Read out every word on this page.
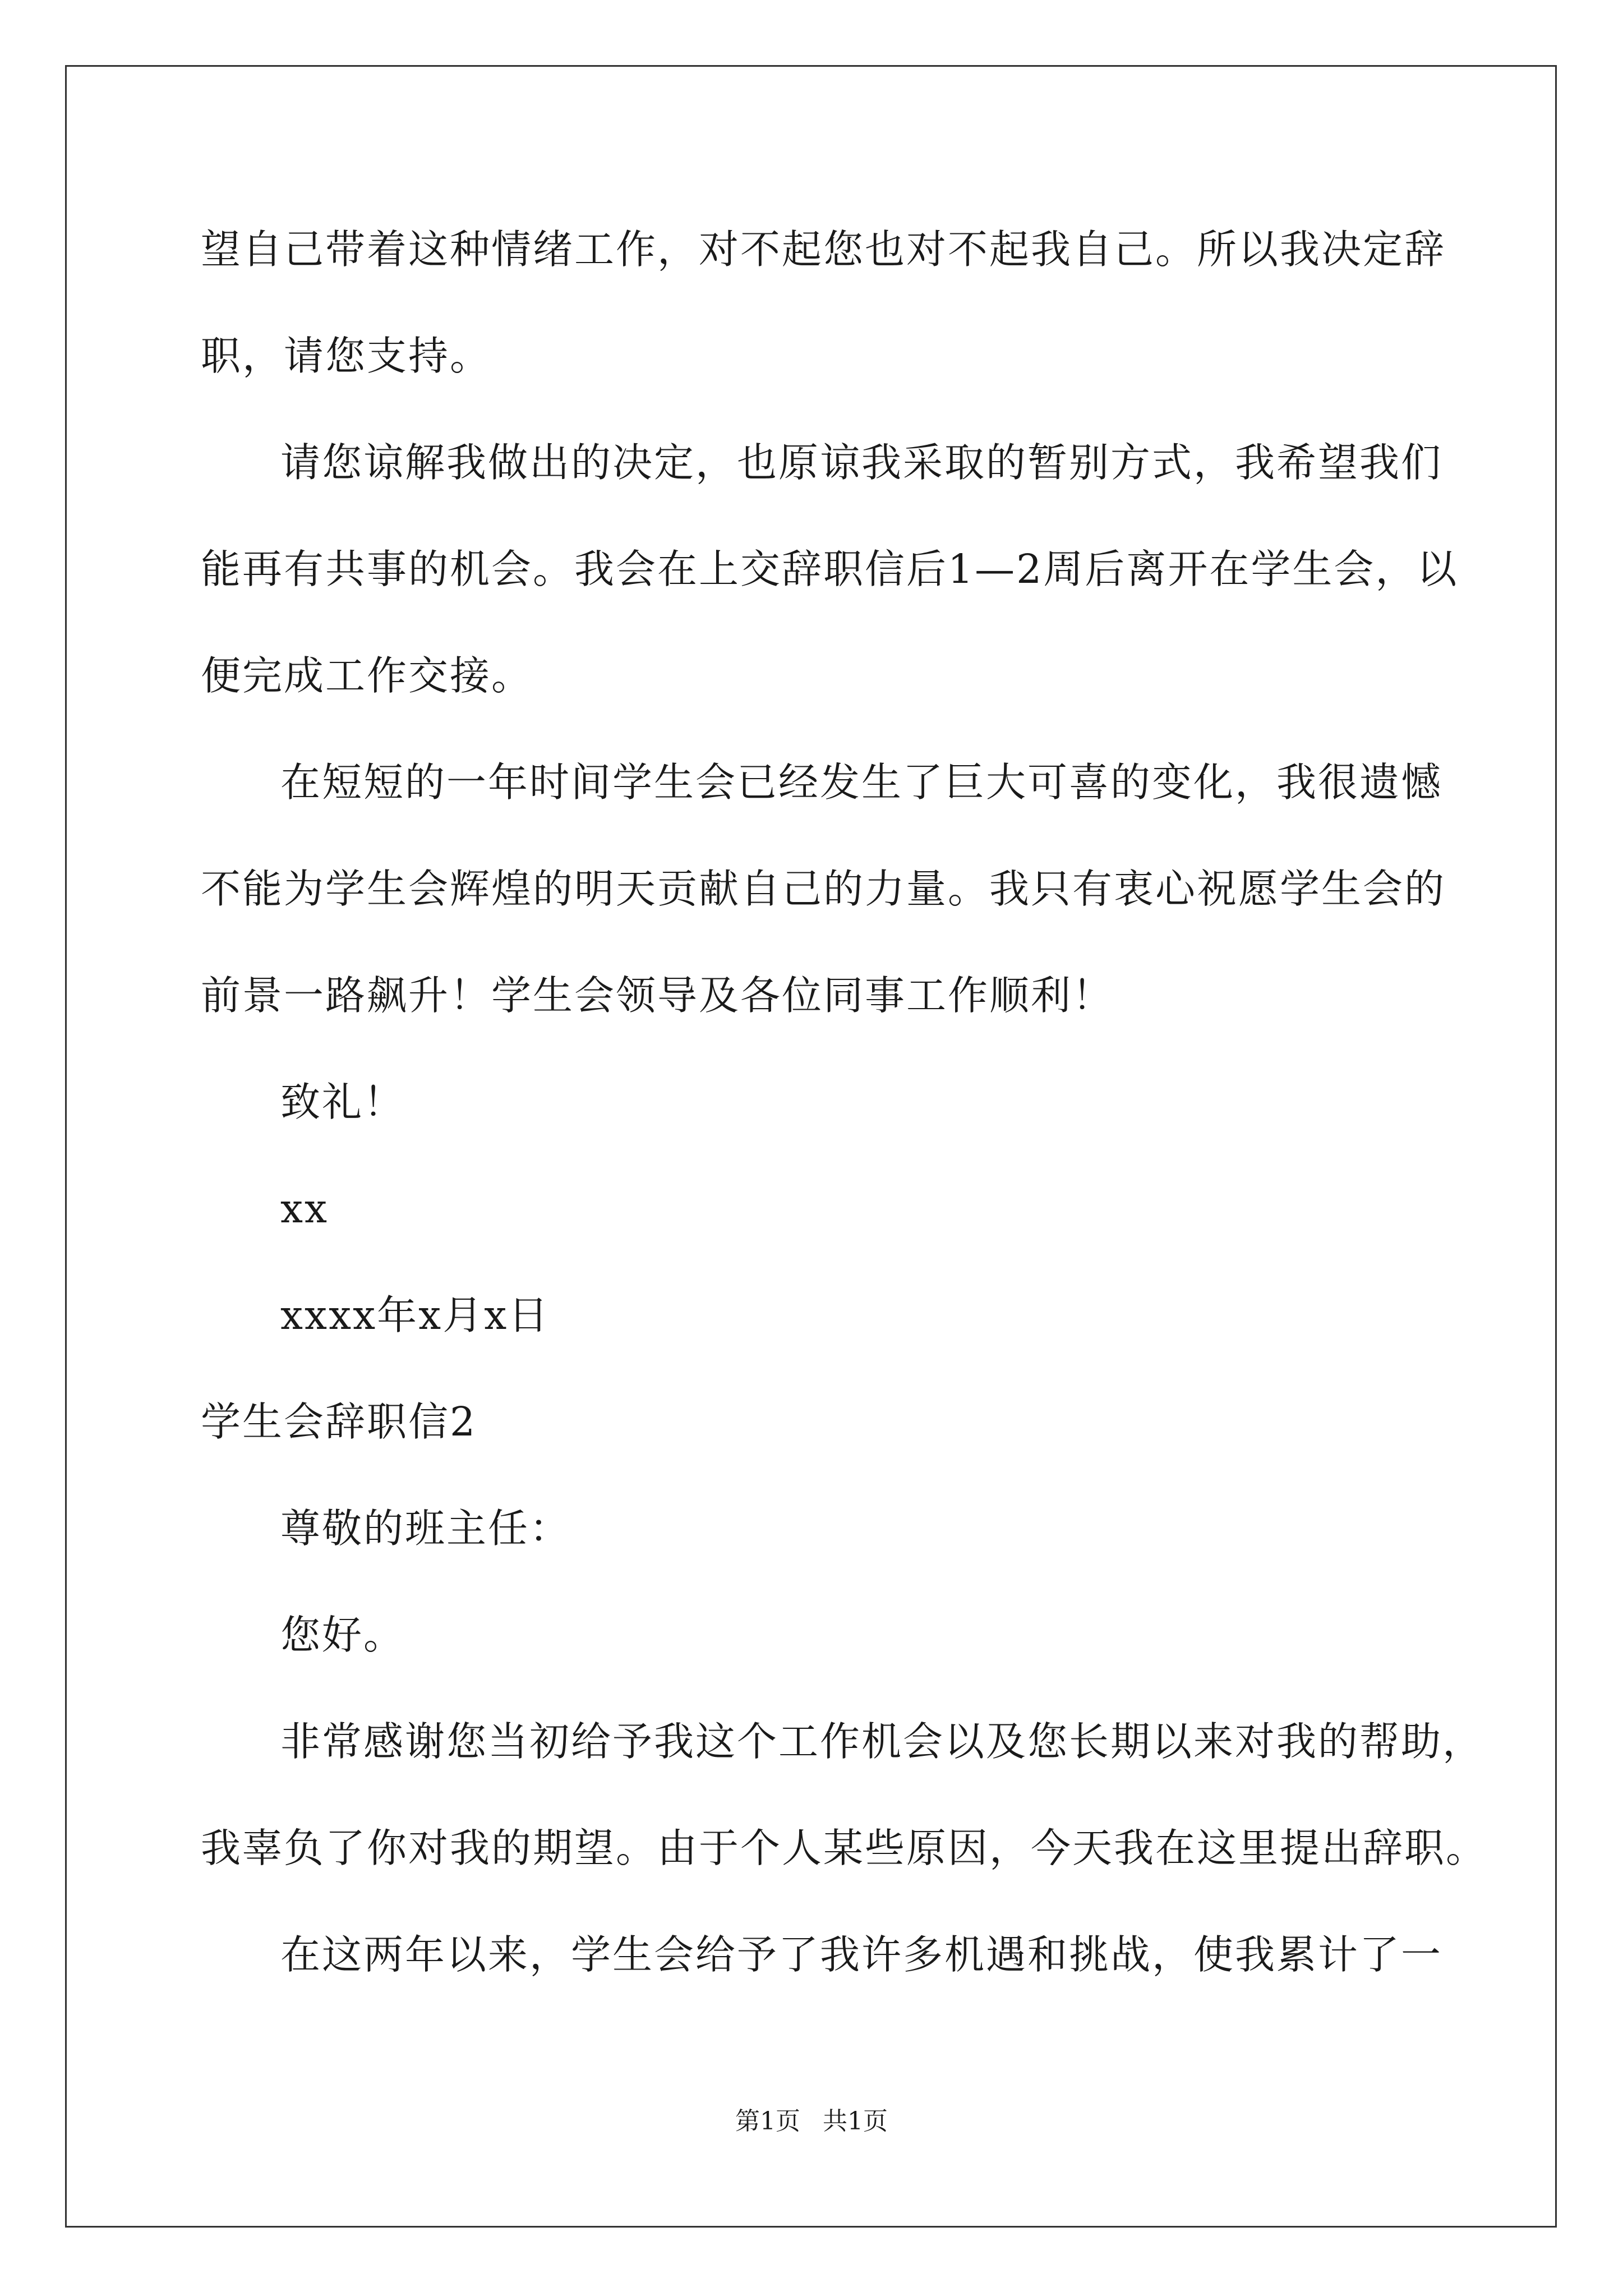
望自己带着这种情绪工作，对不起您也对不起我自己。所以我决定辞
职，请您支持。
请您谅解我做出的决定，也原谅我采取的暂别方式，我希望我们
能再有共事的机会。我会在上交辞职信后1—2周后离开在学生会，以
便完成工作交接。
在短短的一年时间学生会已经发生了巨大可喜的变化，我很遗憾
不能为学生会辉煌的明天贡献自己的力量。我只有衷心祝愿学生会的
前景一路飙升！学生会领导及各位同事工作顺利！
致礼！
xx
xxxx年x月x日
学生会辞职信2
尊敬的班主任：
您好。
非常感谢您当初给予我这个工作机会以及您长期以来对我的帮助，
我辜负了你对我的期望。由于个人某些原因，今天我在这里提出辞职。
在这两年以来，学生会给予了我许多机遇和挑战，使我累计了一
第1页 共1页
